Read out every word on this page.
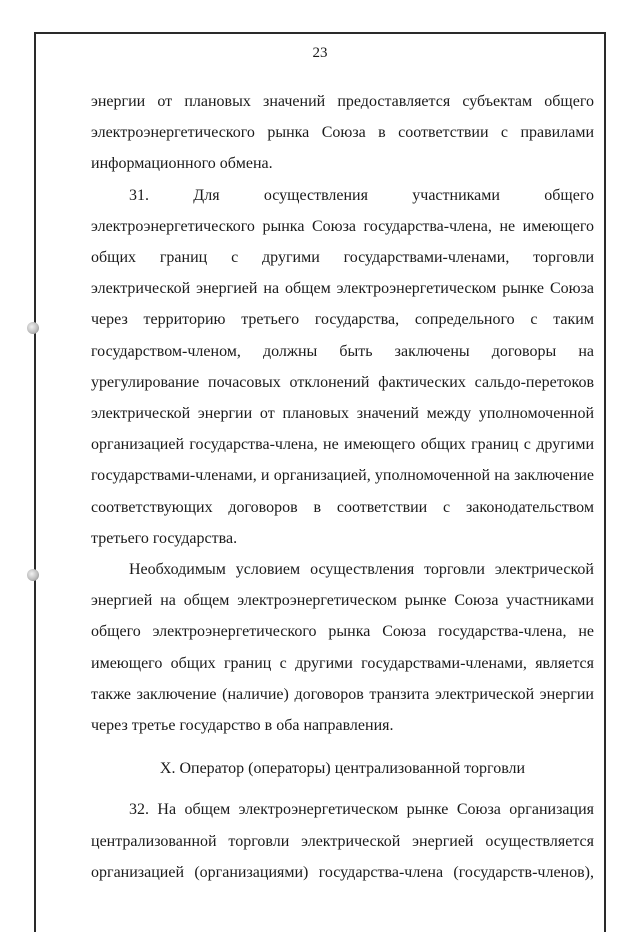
23

энергии от плановых значений предоставляется субъектам общего электроэнергетического рынка Союза в соответствии с правилами информационного обмена.

31. Для осуществления участниками общего электроэнергетического рынка Союза государства-члена, не имеющего общих границ с другими государствами-членами, торговли электрической энергией на общем электроэнергетическом рынке Союза через территорию третьего государства, сопредельного с таким государством-членом, должны быть заключены договоры на урегулирование почасовых отклонений фактических сальдо-перетоков электрической энергии от плановых значений между уполномоченной организацией государства-члена, не имеющего общих границ с другими государствами-членами, и организацией, уполномоченной на заключение соответствующих договоров в соответствии с законодательством третьего государства.

Необходимым условием осуществления торговли электрической энергией на общем электроэнергетическом рынке Союза участниками общего электроэнергетического рынка Союза государства-члена, не имеющего общих границ с другими государствами-членами, является также заключение (наличие) договоров транзита электрической энергии через третье государство в оба направления.

X. Оператор (операторы) централизованной торговли

32. На общем электроэнергетическом рынке Союза организация централизованной торговли электрической энергией осуществляется организацией (организациями) государства-члена (государств-членов),
